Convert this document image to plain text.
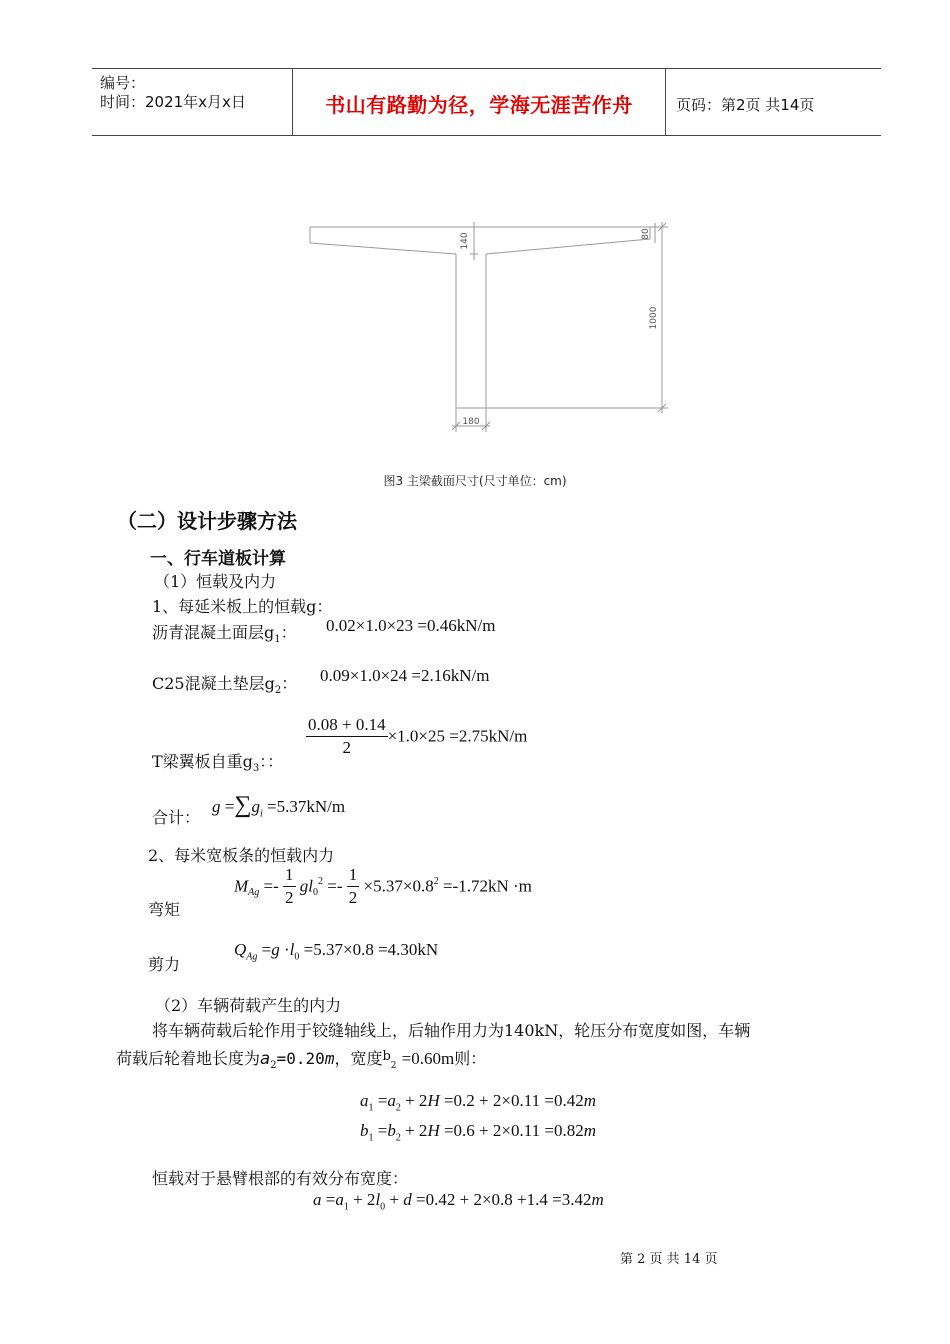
编号：
时间：2021年x月x日	书山有路勤为径，学海无涯苦作舟	页码：第2页 共14页
140	80
1000
180
图3 主梁截面尺寸(尺寸单位：cm)
（二）设计步骤方法
一、行车道板计算
（1）恒载及内力
1、每延米板上的恒载g：
沥青混凝土面层$g_1$： 0.02×1.0×23 =0.46kN/m
C25混凝土垫层$g_2$： 0.09×1.0×24 =2.16kN/m
T梁翼板自重$g_3$：：
$\frac{0.08 + 0.14}{2} \times 1.0\times 25 =2.75kN/m$
合计：
$g =\sum g_i =5.37kN/m$
2、每米宽板条的恒载内力
弯矩
$M_{Ag} =- \frac{1}{2} gl_0^2 =- \frac{1}{2} \times 5.37\times 0.8^2 =-1.72kN \cdot m$
剪力
$Q_{Ag} =g \cdot l_0 =5.37\times 0.8 =4.30kN$
（2）车辆荷载产生的内力
将车辆荷载后轮作用于铰缝轴线上，后轴作用力为140kN，轮压分布宽度如图，车辆
荷载后轮着地长度为$a_2=0.20m$，宽度$^b_2$ =0.60m则：
$a_1 =a_2 + 2H =0.2 + 2\times 0.11 =0.42m$
$b_1 =b_2 + 2H =0.6 + 2\times 0.11 =0.82m$
恒载对于悬臂根部的有效分布宽度：
$a =a_1 + 2l_0 + d =0.42 + 2\times 0.8 +1.4 =3.42m$
第 2 页 共 14 页
